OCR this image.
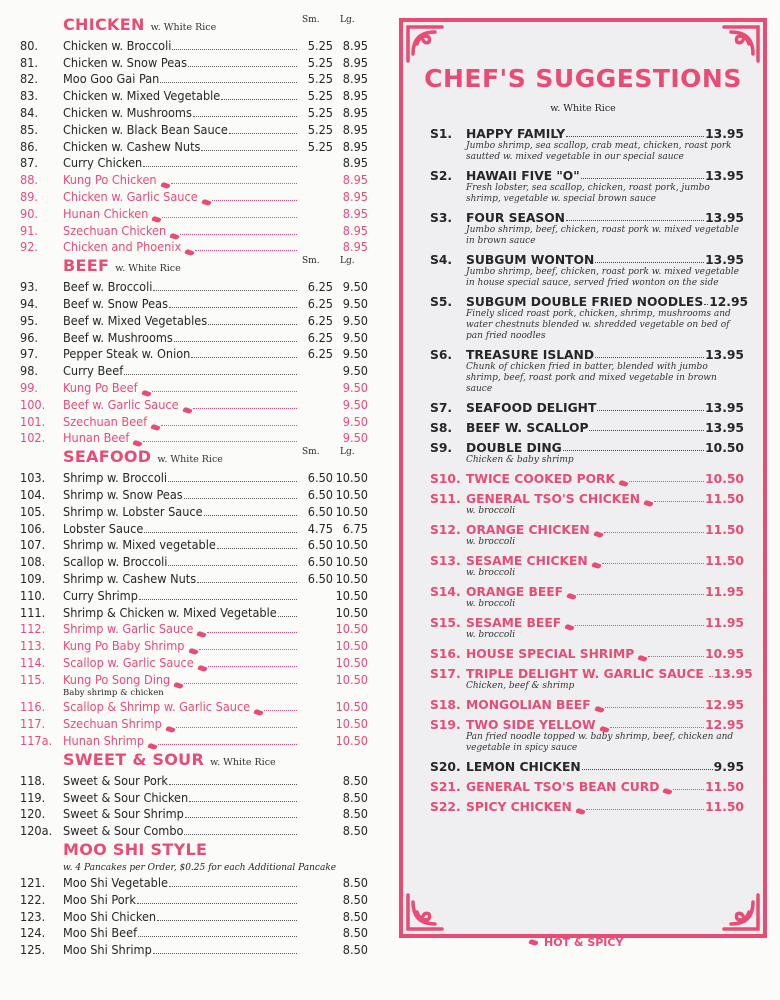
CHICKEN w. White Rice
Sm. Lg.
80.	Chicken w. Broccoli	5.25 8.95
81.	Chicken w. Snow Peas	5.25 8.95
82.	Moo Goo Gai Pan	5.25 8.95
83.	Chicken w. Mixed Vegetable	5.25 8.95
84.	Chicken w. Mushrooms	5.25 8.95
85.	Chicken w. Black Bean Sauce	5.25 8.95
86.	Chicken w. Cashew Nuts	5.25 8.95
87.	Curry Chicken	8.95
88.	Kung Po Chicken	8.95
89.	Chicken w. Garlic Sauce	8.95
90.	Hunan Chicken	8.95
91.	Szechuan Chicken	8.95
92.	Chicken and Phoenix	8.95
BEEF w. White Rice
Sm. Lg.
93.	Beef w. Broccoli	6.25 9.50
94.	Beef w. Snow Peas	6.25 9.50
95.	Beef w. Mixed Vegetables	6.25 9.50
96.	Beef w. Mushrooms	6.25 9.50
97.	Pepper Steak w. Onion	6.25 9.50
98.	Curry Beef	9.50
99.	Kung Po Beef	9.50
100.	Beef w. Garlic Sauce	9.50
101.	Szechuan Beef	9.50
102.	Hunan Beef	9.50
SEAFOOD w. White Rice
Sm. Lg.
103.	Shrimp w. Broccoli	6.50 10.50
104.	Shrimp w. Snow Peas	6.50 10.50
105.	Shrimp w. Lobster Sauce	6.50 10.50
106.	Lobster Sauce	4.75 6.75
107.	Shrimp w. Mixed vegetable	6.50 10.50
108.	Scallop w. Broccoli	6.50 10.50
109.	Shrimp w. Cashew Nuts	6.50 10.50
110.	Curry Shrimp	10.50
111.	Shrimp & Chicken w. Mixed Vegetable	10.50
112.	Shrimp w. Garlic Sauce	10.50
113.	Kung Po Baby Shrimp	10.50
114.	Scallop w. Garlic Sauce	10.50
115.	Kung Po Song Ding	10.50
Baby shrimp & chicken
116.	Scallop & Shrimp w. Garlic Sauce	10.50
117.	Szechuan Shrimp	10.50
117a. Hunan Shrimp	10.50
SWEET & SOUR w. White Rice
118.	Sweet & Sour Pork	8.50
119.	Sweet & Sour Chicken	8.50
120.	Sweet & Sour Shrimp	8.50
120a. Sweet & Sour Combo	8.50
MOO SHI STYLE
w. 4 Pancakes per Order, $0.25 for each Additional Pancake
121.	Moo Shi Vegetable	8.50
122.	Moo Shi Pork	8.50
123.	Moo Shi Chicken	8.50
124.	Moo Shi Beef	8.50
125.	Moo Shi Shrimp	8.50
CHEF'S SUGGESTIONS
w. White Rice
S1.	HAPPY FAMILY	13.95
Jumbo shrimp, sea scallop, crab meat, chicken, roast pork sautted w. mixed vegetable in our special sauce
S2.	HAWAII FIVE "O"	13.95
Fresh lobster, sea scallop, chicken, roast pork, jumbo shrimp, vegetable w. special brown sauce
S3.	FOUR SEASON	13.95
Jumbo shrimp, beef, chicken, roast pork w. mixed vegetable in brown sauce
S4.	SUBGUM WONTON	13.95
Jumbo shrimp, beef, chicken, roast pork w. mixed vegetable in house special sauce, served fried wonton on the side
S5.	SUBGUM DOUBLE FRIED NOODLES 12.95
Finely sliced roast pork, chicken, shrimp, mushrooms and water chestnuts blended w. shredded vegetable on bed of pan fried noodles
S6.	TREASURE ISLAND	13.95
Chunk of chicken fried in batter, blended with jumbo shrimp, beef, roast pork and mixed vegetable in brown sauce
S7.	SEAFOOD DELIGHT	13.95
S8.	BEEF W. SCALLOP	13.95
S9.	DOUBLE DING	10.50
Chicken & baby shrimp
S10. TWICE COOKED PORK	10.50
S11. GENERAL TSO'S CHICKEN	11.50
w. broccoli
S12. ORANGE CHICKEN	11.50
w. broccoli
S13. SESAME CHICKEN	11.50
w. broccoli
S14. ORANGE BEEF	11.95
w. broccoli
S15. SESAME BEEF	11.95
w. broccoli
S16. HOUSE SPECIAL SHRIMP	10.95
S17. TRIPLE DELIGHT W. GARLIC SAUCE 13.95
Chicken, beef & shrimp
S18. MONGOLIAN BEEF	12.95
S19. TWO SIDE YELLOW	12.95
Pan fried noodle topped w. baby shrimp, beef, chicken and vegetable in spicy sauce
S20. LEMON CHICKEN	9.95
S21. GENERAL TSO'S BEAN CURD	11.50
S22. SPICY CHICKEN	11.50
HOT & SPICY
